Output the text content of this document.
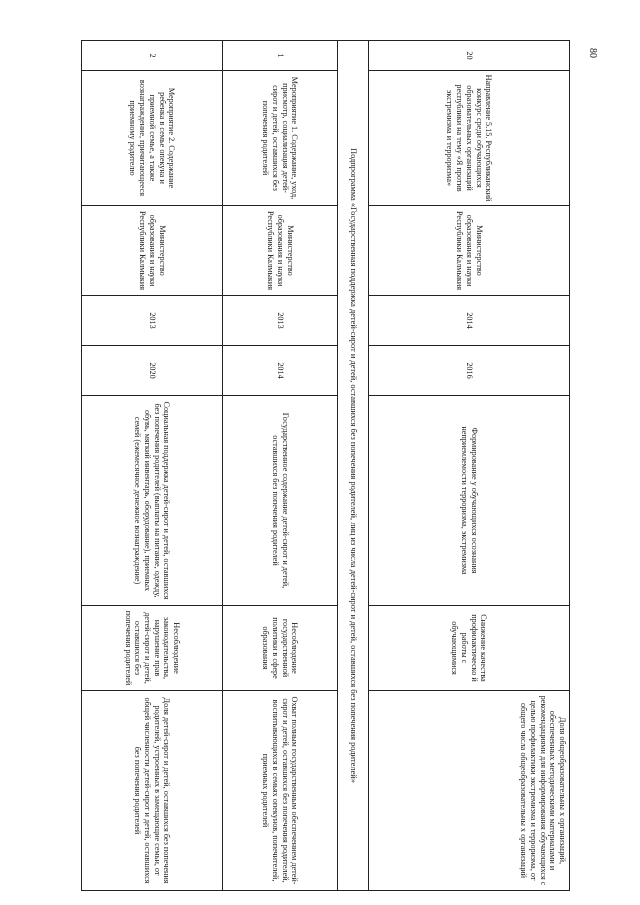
80
20	Направление 5.15. Республиканский конкурс среди обучающихся образовательных организаций республики на тему «Я против экстремизма и терроризма»	Министерство образования и науки Республики Калмыкия	2014	2016	Формирование у обучающихся осознания неприемлемости терроризма, экстремизма	Снижение качества профилактическо й работы с обучающимися	Доля общеобразовательны х организаций, обеспеченных методическими материалами и рекомендациями для информирования обучающихся с целью профилактики экстремизма и терроризма, от общего числа общеобразовательны х организаций
Подпрограмма «Государственная поддержка детей-сирот и детей, оставшихся без попечения родителей, лиц из числа детей-сирот и детей, оставшихся без попечения родителей»							
1	Мероприятие 1. Содержание, уход, присмотр, социализация детей-сирот и детей, оставшихся без попечения родителей	Министерство образования и науки Республики Калмыкия	2013	2014	Государственное содержание детей-сирот и детей, оставшихся без попечения родителей	Несоблюдение государственной политики в сфере образования	Охват полным государственным обеспечением детей-сирот и детей, оставшихся без попечения родителей, воспитывающихся в семьях опекунов, попечителей, приемных родителей
2	Мероприятие 2. Содержание ребенка в семье опекуна и приемной семье, а также вознаграждение, причитающееся приемному родителю	Министерство образования и науки Республики Калмыкия	2013	2020	Социальная поддержка детей-сирот и детей, оставшихся без попечения родителей (выплаты на питание, одежду, обувь, мягкий инвентарь, оборудование), приемных семей (ежемесячное денежное вознаграждение)	Несоблюдение законодательства, нарушение прав детей-сирот и детей, оставшихся без попечения родителей	Доля детей-сирот и детей, оставшихся без попечения родителей, устроенных в замещающие семьи, от общей численности детей-сирот и детей, оставшихся без попечения родителей
